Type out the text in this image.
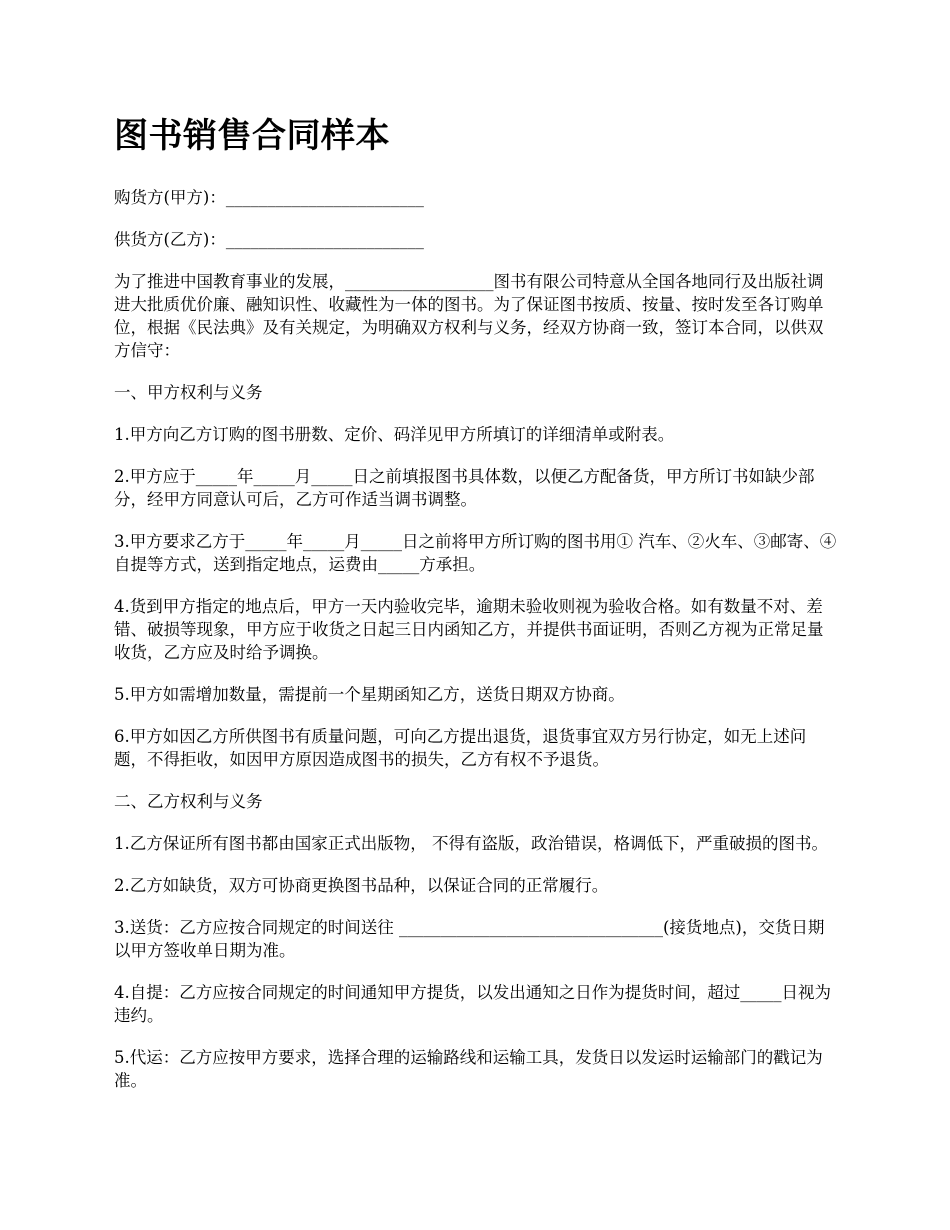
图书销售合同样本

购货方(甲方)：________________________

供货方(乙方)：________________________

为了推进中国教育事业的发展，__________________图书有限公司特意从全国各地同行及出版社调进大批质优价廉、融知识性、收藏性为一体的图书。为了保证图书按质、按量、按时发至各订购单位，根据《民法典》及有关规定，为明确双方权利与义务，经双方协商一致，签订本合同，以供双方信守：

一、甲方权利与义务

1.甲方向乙方订购的图书册数、定价、码洋见甲方所填订的详细清单或附表。

2.甲方应于_____年_____月_____日之前填报图书具体数，以便乙方配备货，甲方所订书如缺少部分，经甲方同意认可后，乙方可作适当调书调整。

3.甲方要求乙方于_____年_____月_____日之前将甲方所订购的图书用① 汽车、②火车、③邮寄、④自提等方式，送到指定地点，运费由_____方承担。

4.货到甲方指定的地点后，甲方一天内验收完毕，逾期未验收则视为验收合格。如有数量不对、差错、破损等现象，甲方应于收货之日起三日内函知乙方，并提供书面证明，否则乙方视为正常足量收货，乙方应及时给予调换。

5.甲方如需增加数量，需提前一个星期函知乙方，送货日期双方协商。

6.甲方如因乙方所供图书有质量问题，可向乙方提出退货，退货事宜双方另行协定，如无上述问题，不得拒收，如因甲方原因造成图书的损失，乙方有权不予退货。

二、乙方权利与义务

1.乙方保证所有图书都由国家正式出版物， 不得有盗版，政治错误，格调低下，严重破损的图书。

2.乙方如缺货，双方可协商更换图书品种，以保证合同的正常履行。

3.送货：乙方应按合同规定的时间送往 ________________________________(接货地点)，交货日期以甲方签收单日期为准。

4.自提：乙方应按合同规定的时间通知甲方提货，以发出通知之日作为提货时间，超过_____日视为违约。

5.代运：乙方应按甲方要求，选择合理的运输路线和运输工具，发货日以发运时运输部门的戳记为准。
